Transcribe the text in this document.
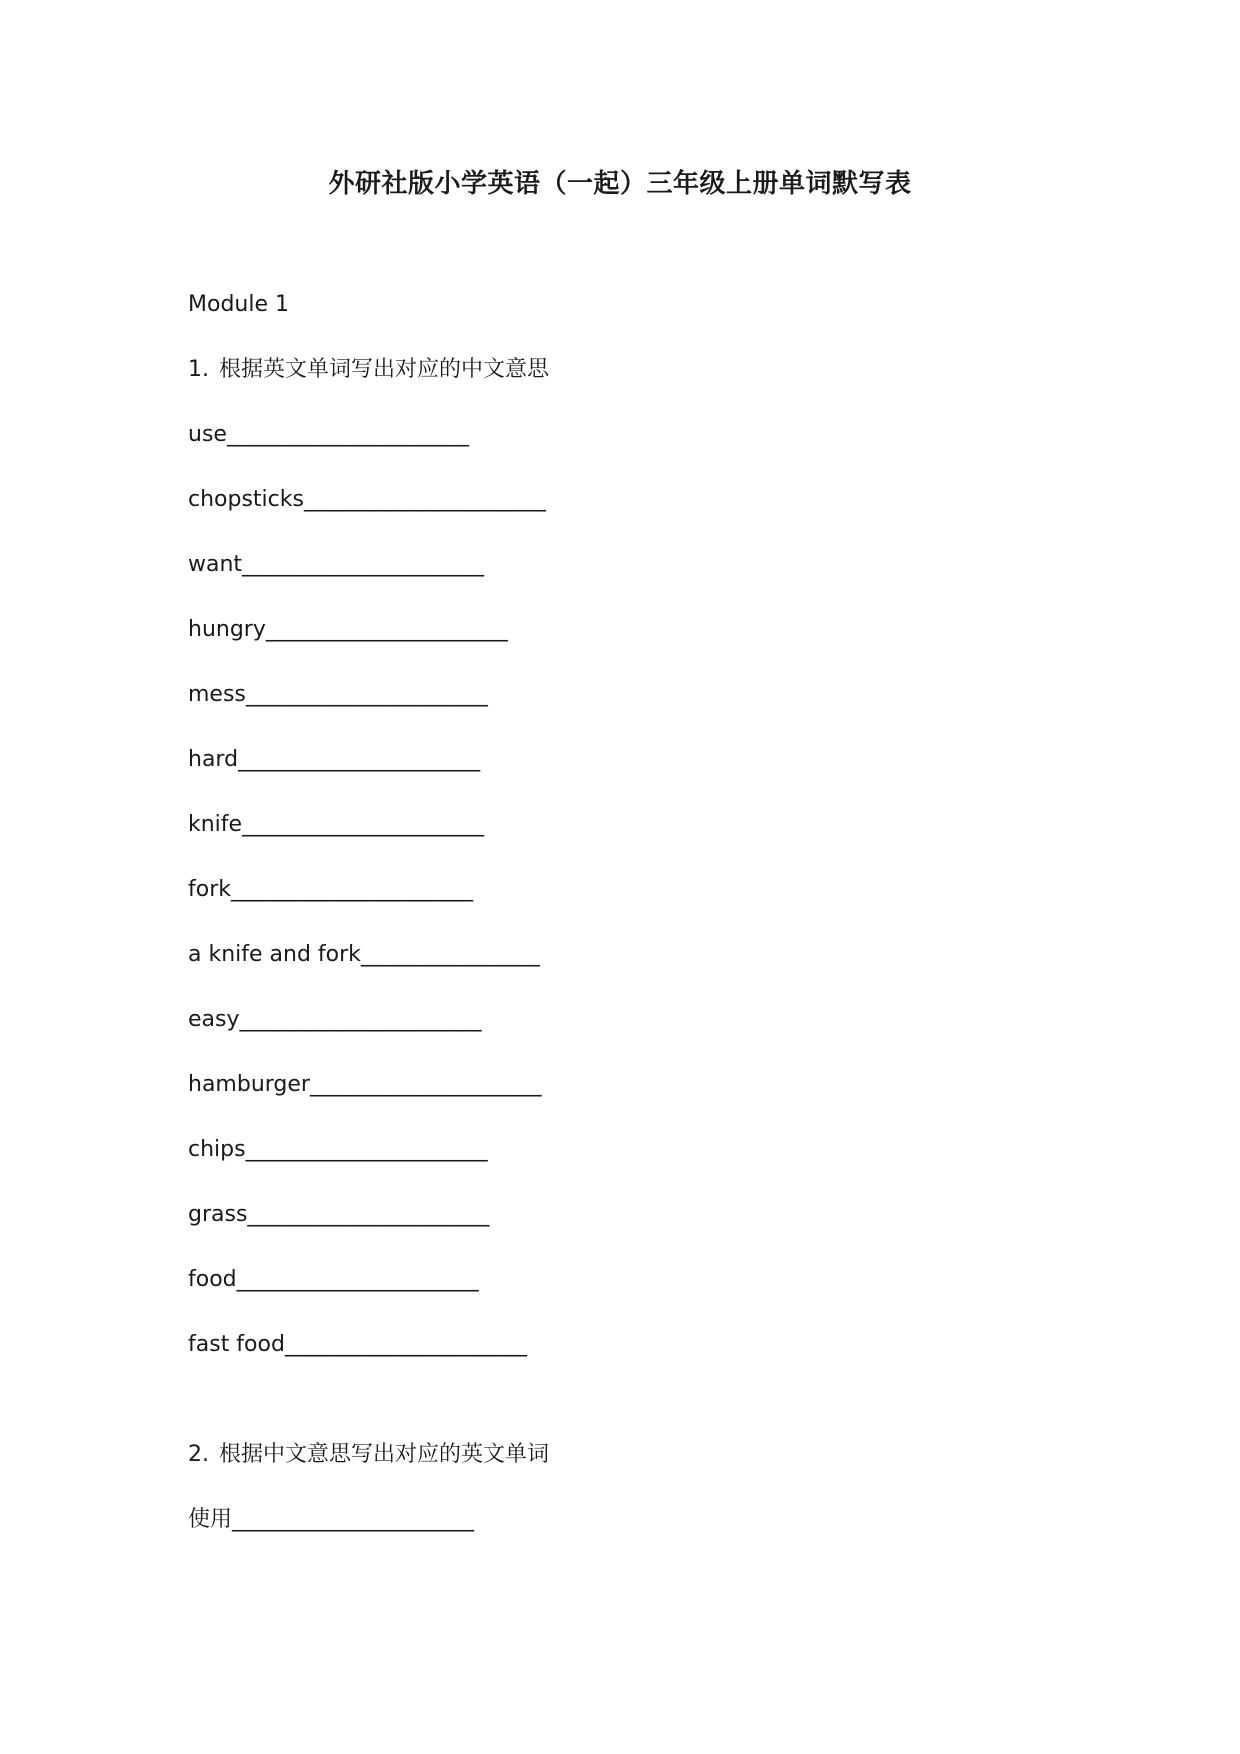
外研社版小学英语（一起）三年级上册单词默写表
Module 1
1. 根据英文单词写出对应的中文意思
use_______________________
chopsticks_______________________
want_______________________
hungry_______________________
mess_______________________
hard_______________________
knife_______________________
fork_______________________
a knife and fork_________________
easy_______________________
hamburger______________________
chips_______________________
grass_______________________
food_______________________
fast food_______________________
2. 根据中文意思写出对应的英文单词
使用_______________________
